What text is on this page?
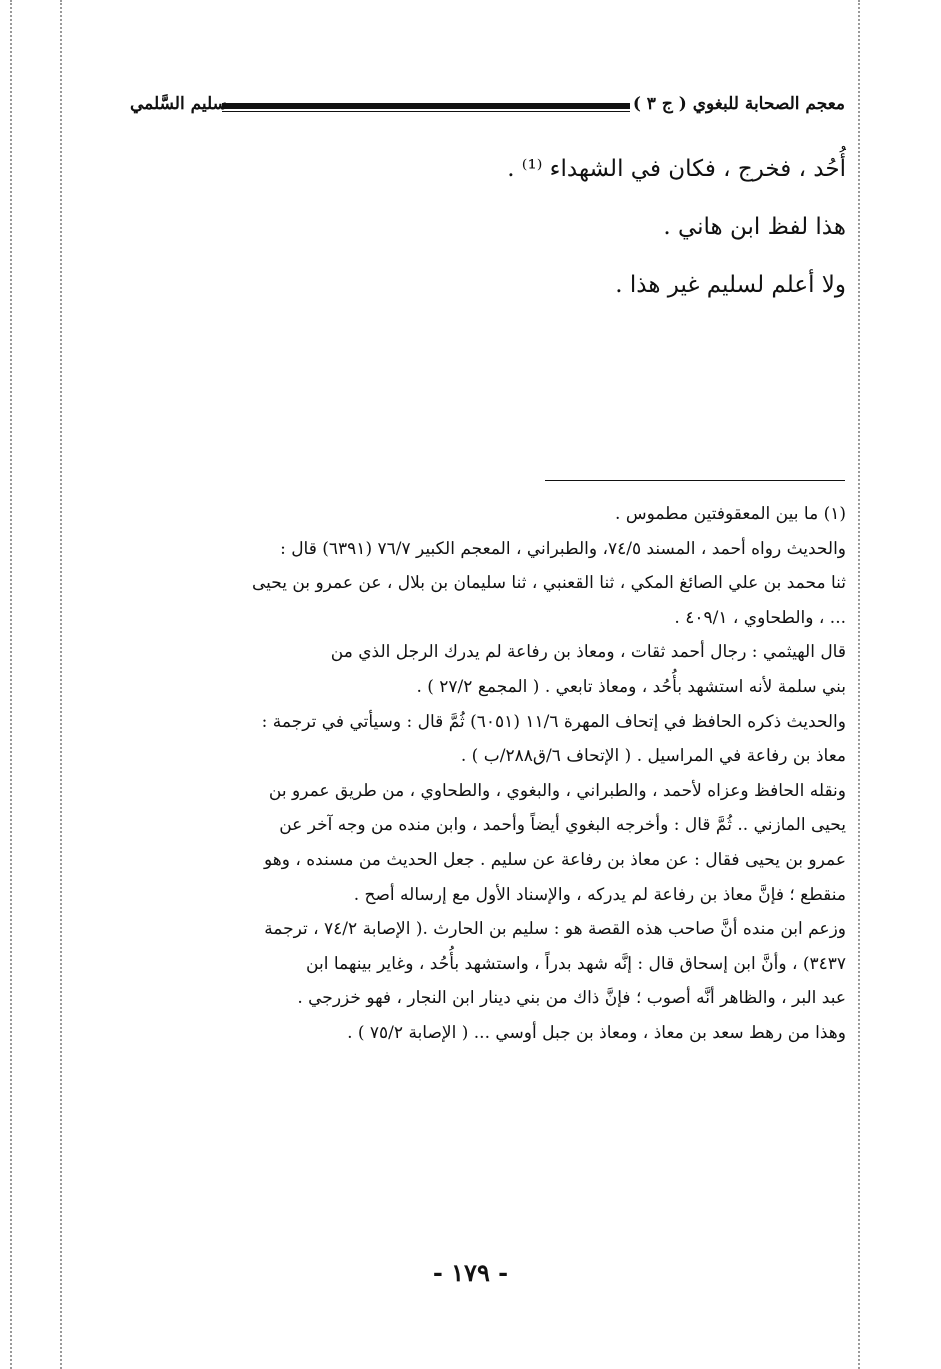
معجم الصحابة للبغوي ( ج ٣ )
سليم السَّلمي

أُحُد ، فخرج ، فكان في الشهداء ⁽¹⁾ .

هذا لفظ ابن هاني .

ولا أعلم لسليم غير هذا .

(١) ما بين المعقوفتين مطموس .

والحديث رواه أحمد ، المسند ٧٤/٥، والطبراني ، المعجم الكبير ٧٦/٧ (٦٣٩١) قال :

ثنا محمد بن علي الصائغ المكي ، ثنا القعنبي ، ثنا سليمان بن بلال ، عن عمرو بن يحيى

... ، والطحاوي ، ٤٠٩/١ .

قال الهيثمي : رجال أحمد ثقات ، ومعاذ بن رفاعة لم يدرك الرجل الذي من

بني سلمة لأنه استشهد بأُحُد ، ومعاذ تابعي . ( المجمع ٢٧/٢ ) .

والحديث ذكره الحافظ في إتحاف المهرة ١١/٦ (٦٠٥١) ثُمَّ قال : وسيأتي في ترجمة :

معاذ بن رفاعة في المراسيل . ( الإتحاف ٦/ق٢٨٨/ب ) .

ونقله الحافظ وعزاه لأحمد ، والطبراني ، والبغوي ، والطحاوي ، من طريق عمرو بن

يحيى المازني .. ثُمَّ قال : وأخرجه البغوي أيضاً وأحمد ، وابن منده من وجه آخر عن

عمرو بن يحيى فقال : عن معاذ بن رفاعة عن سليم . جعل الحديث من مسنده ، وهو

منقطع ؛ فإنَّ معاذ بن رفاعة لم يدركه ، والإسناد الأول مع إرساله أصح .

وزعم ابن منده أنَّ صاحب هذه القصة هو : سليم بن الحارث .( الإصابة ٧٤/٢ ، ترجمة

٣٤٣٧) ، وأنَّ ابن إسحاق قال : إنَّه شهد بدراً ، واستشهد بأُحُد ، وغاير بينهما ابن

عبد البر ، والظاهر أنَّه أصوب ؛ فإنَّ ذاك من بني دينار ابن النجار ، فهو خزرجي .

وهذا من رهط سعد بن معاذ ، ومعاذ بن جبل أوسي ... ( الإصابة ٧٥/٢ ) .

- ١٧٩ -
